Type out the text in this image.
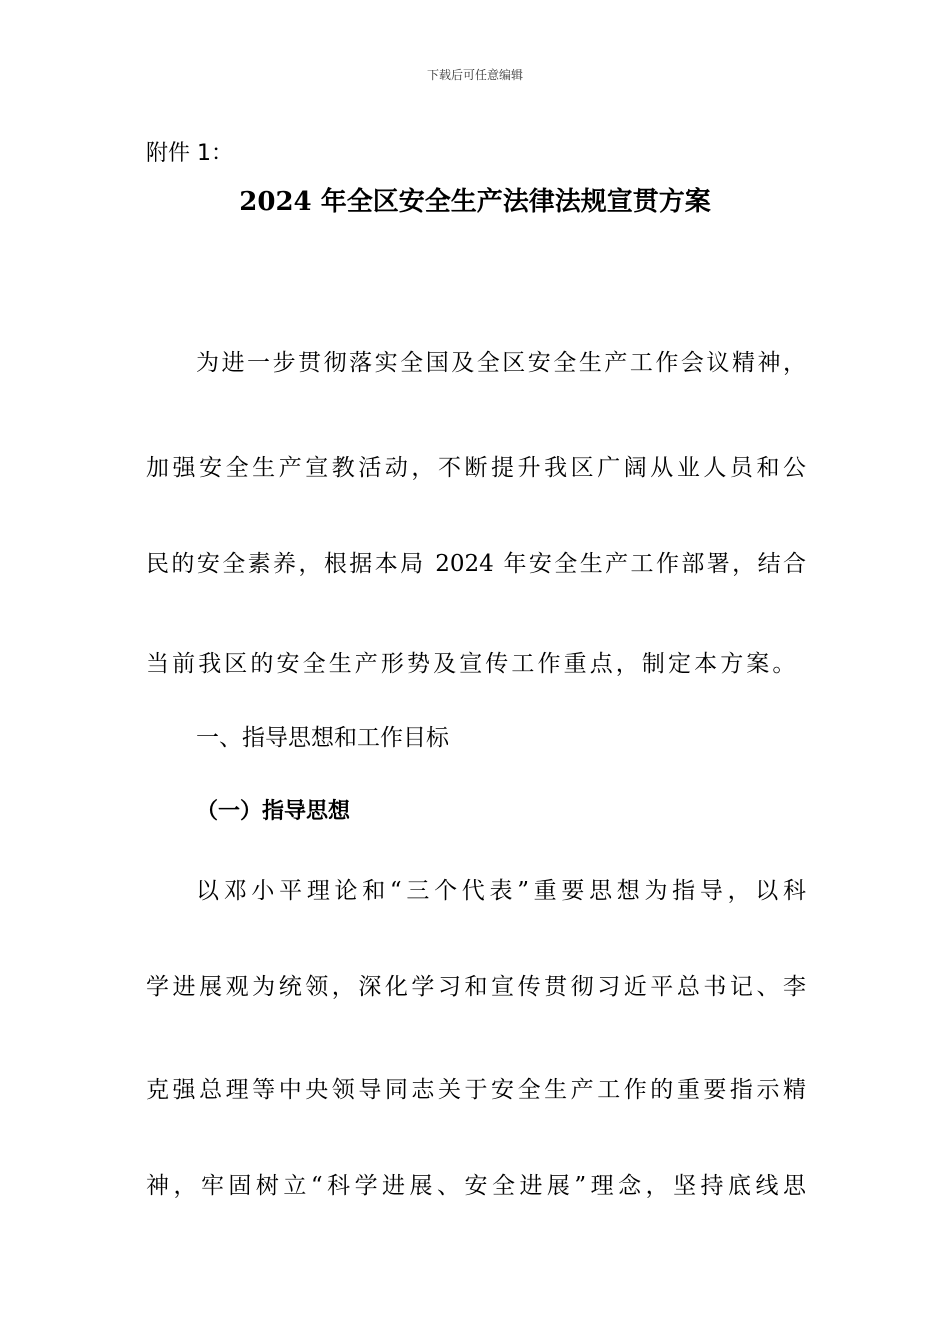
下载后可任意编辑
附件 1：
2024 年全区安全生产法律法规宣贯方案
为进一步贯彻落实全国及全区安全生产工作会议精神，
加强安全生产宣教活动，不断提升我区广阔从业人员和公
民的安全素养，根据本局 2024 年安全生产工作部署，结合
当前我区的安全生产形势及宣传工作重点，制定本方案。
一、指导思想和工作目标
（一）指导思想
以邓小平理论和“三个代表”重要思想为指导，以科
学进展观为统领，深化学习和宣传贯彻习近平总书记、李
克强总理等中央领导同志关于安全生产工作的重要指示精
神，牢固树立“科学进展、安全进展”理念，坚持底线思
